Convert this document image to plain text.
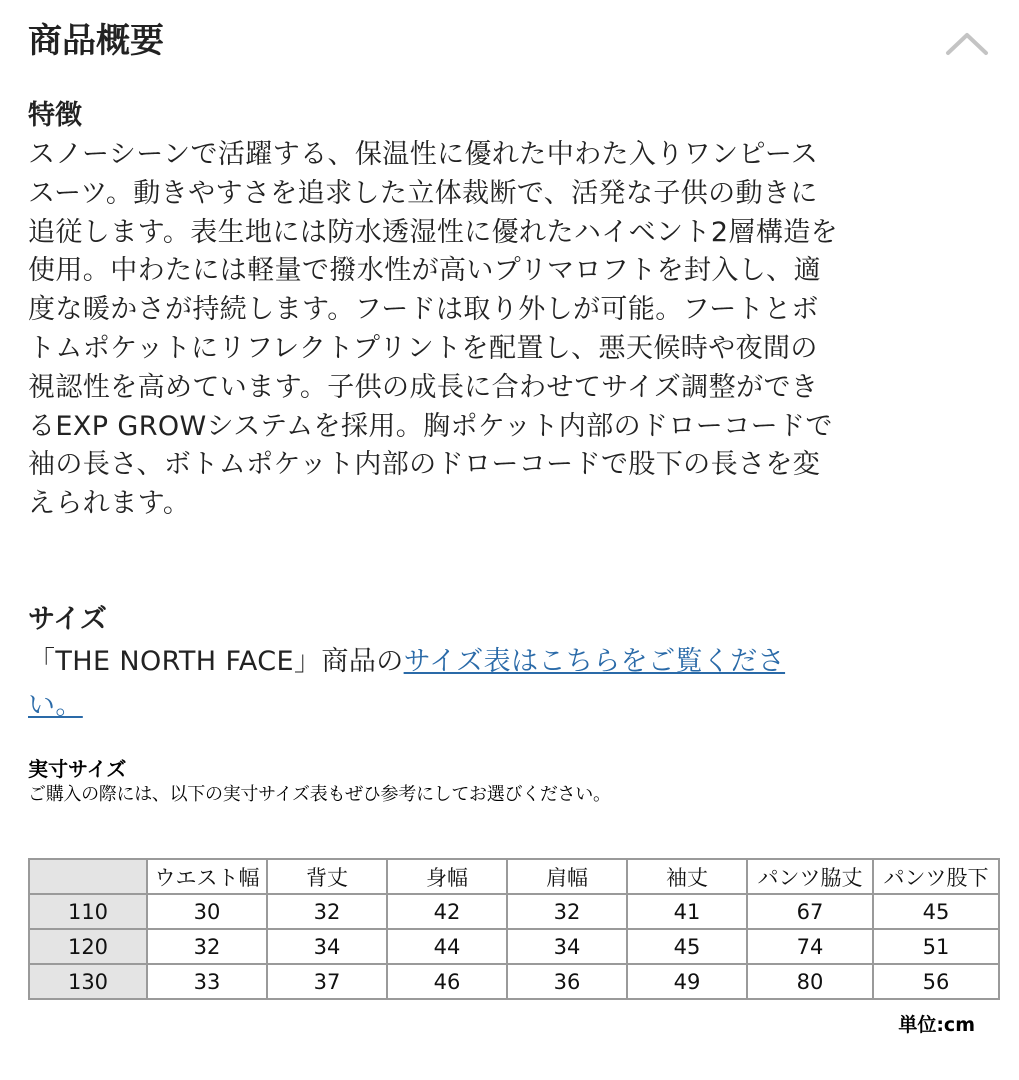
商品概要
特徴

スノーシーンで活躍する、保温性に優れた中わた入りワンピース

スーツ。動きやすさを追求した立体裁断で、活発な子供の動きに

追従します。表生地には防水透湿性に優れたハイベント2層構造を

使用。中わたには軽量で撥水性が高いプリマロフトを封入し、適

度な暖かさが持続します。フードは取り外しが可能。フートとボ

トムポケットにリフレクトプリントを配置し、悪天候時や夜間の

視認性を高めています。子供の成長に合わせてサイズ調整ができ

るEXP GROWシステムを採用。胸ポケット内部のドローコードで

袖の長さ、ボトムポケット内部のドローコードで股下の長さを変

えられます。

サイズ

「THE NORTH FACE」商品のサイズ表はこちらをご覧くださ

い。

実寸サイズ

ご購入の際には、以下の実寸サイズ表もぜひ参考にしてお選びください。

	ウエスト幅	背丈	身幅	肩幅	袖丈	パンツ脇丈	パンツ股下
110	30	32	42	32	41	67	45
120	32	34	44	34	45	74	51
130	33	37	46	36	49	80	56
単位:cm
